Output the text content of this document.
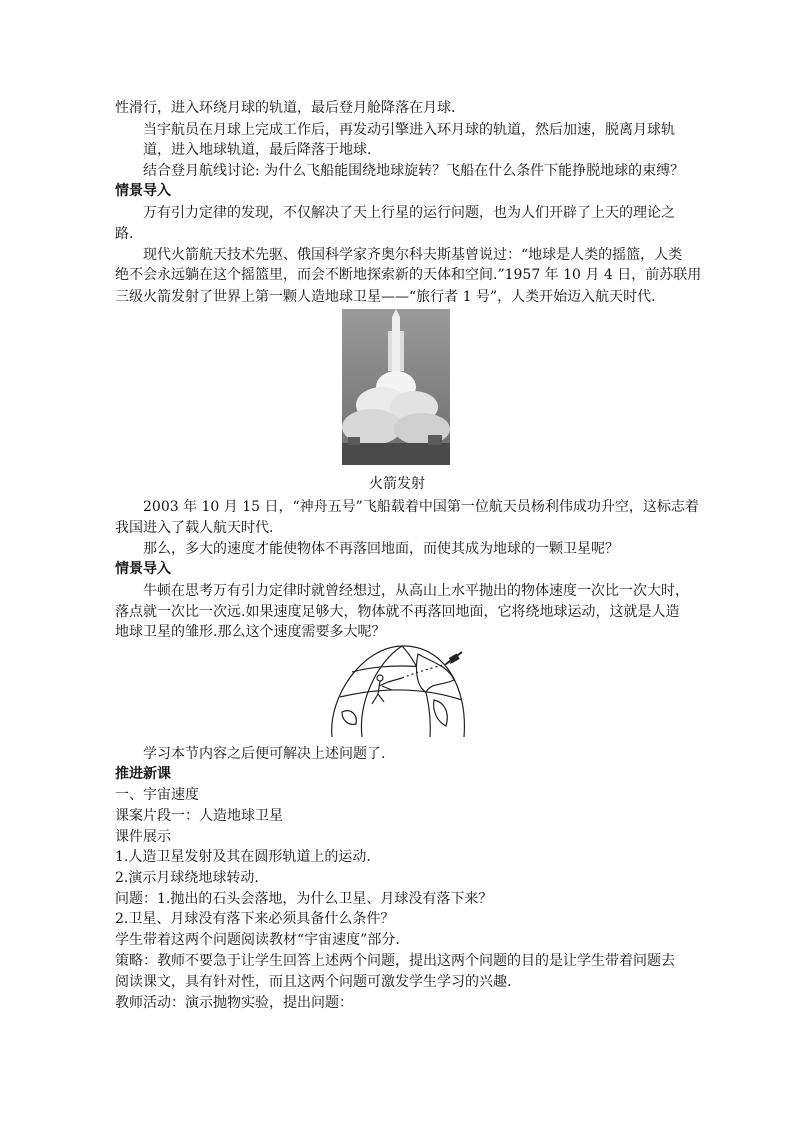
性滑行，进入环绕月球的轨道，最后登月舱降落在月球.
当宇航员在月球上完成工作后，再发动引擎进入环月球的轨道，然后加速，脱离月球轨
道，进入地球轨道，最后降落于地球.
结合登月航线讨论: 为什么飞船能围绕地球旋转？飞船在什么条件下能挣脱地球的束缚？
情景导入
万有引力定律的发现，不仅解决了天上行星的运行问题，也为人们开辟了上天的理论之
路.
现代火箭航天技术先驱、俄国科学家齐奥尔科夫斯基曾说过：“地球是人类的摇篮，人类
绝不会永远躺在这个摇篮里，而会不断地探索新的天体和空间.”1957 年 10 月 4 日，前苏联用
三级火箭发射了世界上第一颗人造地球卫星——“旅行者 1 号”，人类开始迈入航天时代.
火箭发射
2003 年 10 月 15 日，“神舟五号”飞船载着中国第一位航天员杨利伟成功升空，这标志着
我国进入了载人航天时代.
那么，多大的速度才能使物体不再落回地面，而使其成为地球的一颗卫星呢？
情景导入
牛顿在思考万有引力定律时就曾经想过，从高山上水平抛出的物体速度一次比一次大时，
落点就一次比一次远.如果速度足够大，物体就不再落回地面，它将绕地球运动，这就是人造
地球卫星的雏形.那么这个速度需要多大呢？
学习本节内容之后便可解决上述问题了.
推进新课
一、宇宙速度
课案片段一：人造地球卫星
课件展示
1.人造卫星发射及其在圆形轨道上的运动.
2.演示月球绕地球转动.
问题：1.抛出的石头会落地，为什么卫星、月球没有落下来？
2.卫星、月球没有落下来必须具备什么条件？
学生带着这两个问题阅读教材“宇宙速度”部分.
策略：教师不要急于让学生回答上述两个问题，提出这两个问题的目的是让学生带着问题去
阅读课文，具有针对性，而且这两个问题可激发学生学习的兴趣.
教师活动：演示抛物实验，提出问题：
